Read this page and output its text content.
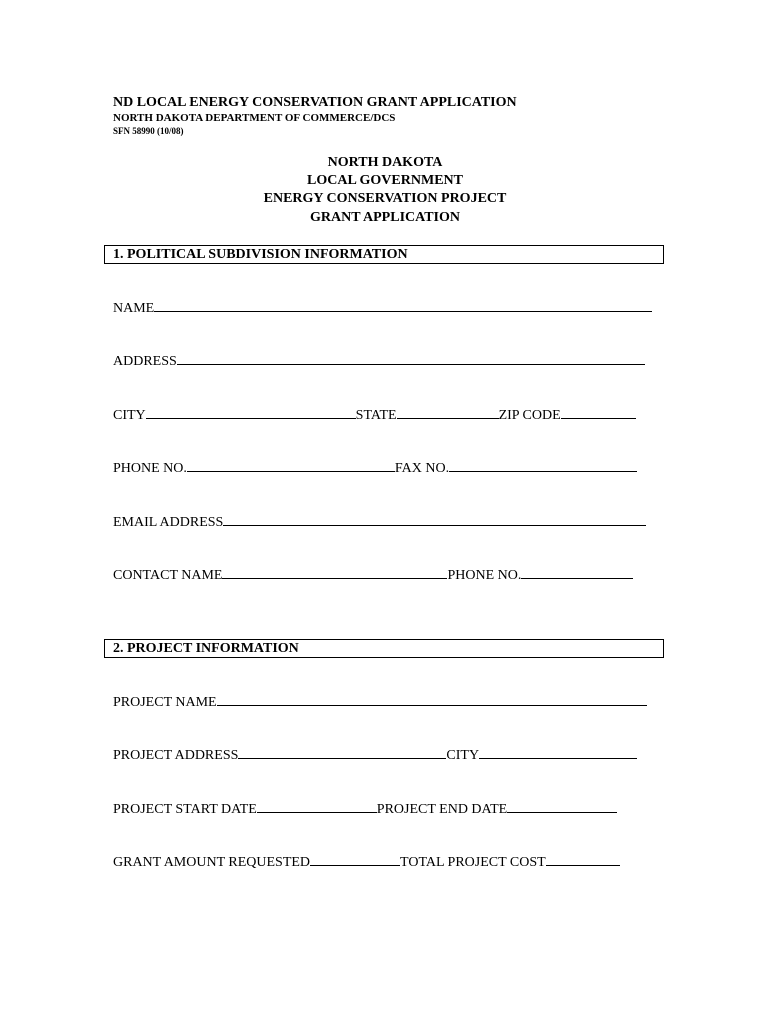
ND LOCAL ENERGY CONSERVATION GRANT APPLICATION
NORTH DAKOTA DEPARTMENT OF COMMERCE/DCS
SFN 58990 (10/08)
NORTH DAKOTA
LOCAL GOVERNMENT
ENERGY CONSERVATION PROJECT
GRANT APPLICATION
1. POLITICAL SUBDIVISION INFORMATION
NAME
ADDRESS
CITY	STATE	ZIP CODE
PHONE NO.	FAX NO.
EMAIL ADDRESS
CONTACT NAME	PHONE NO.
2. PROJECT INFORMATION
PROJECT NAME
PROJECT ADDRESS	CITY
PROJECT START DATE	PROJECT END DATE
GRANT AMOUNT REQUESTED	TOTAL PROJECT COST
